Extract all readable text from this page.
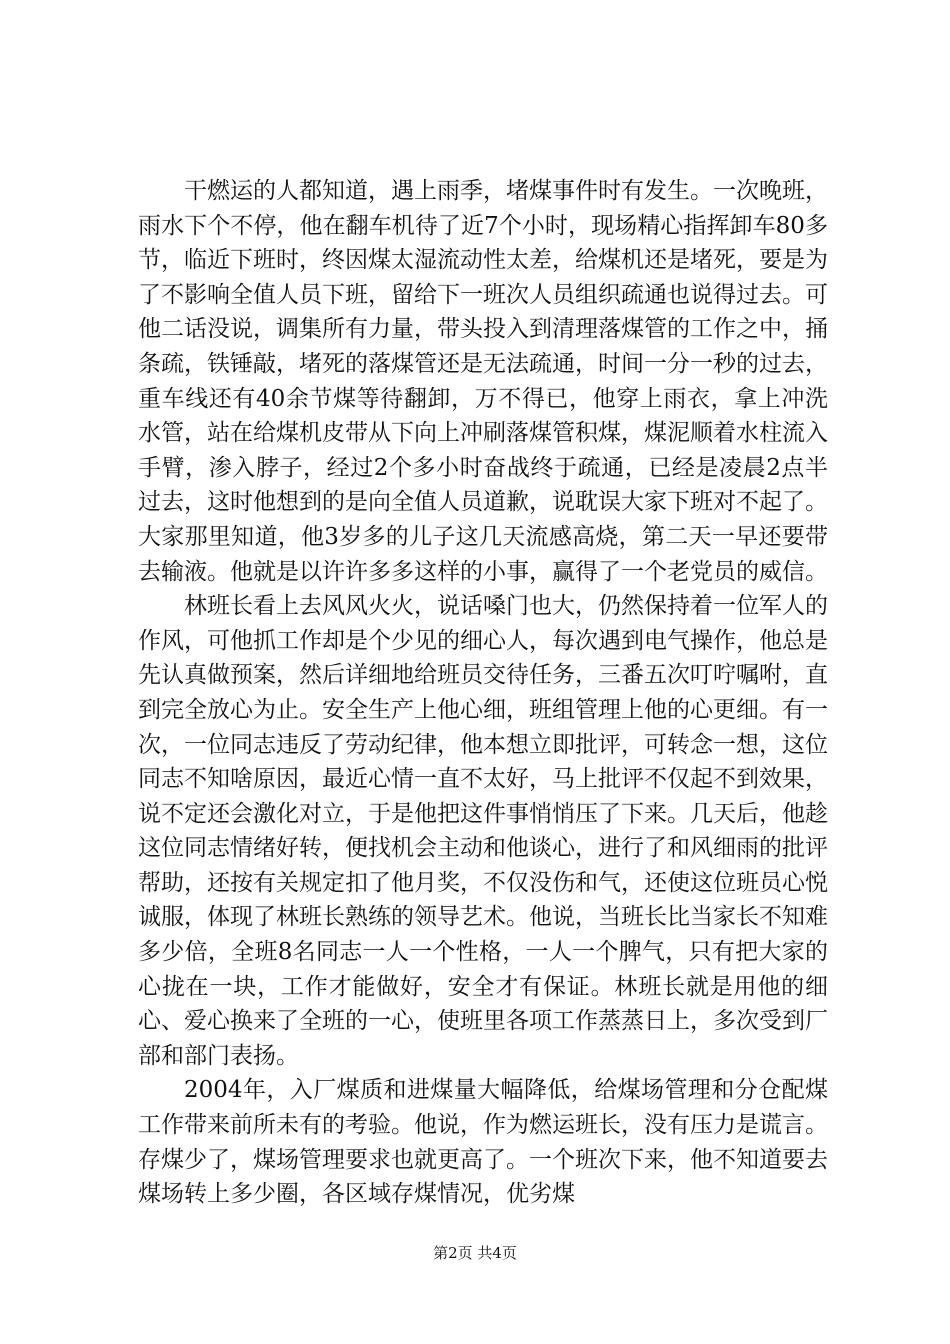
干燃运的人都知道，遇上雨季，堵煤事件时有发生。一次晚班，雨水下个不停，他在翻车机待了近7个小时，现场精心指挥卸车80多节，临近下班时，终因煤太湿流动性太差，给煤机还是堵死，要是为了不影响全值人员下班，留给下一班次人员组织疏通也说得过去。可他二话没说，调集所有力量，带头投入到清理落煤管的工作之中，捅条疏，铁锤敲，堵死的落煤管还是无法疏通，时间一分一秒的过去，重车线还有40余节煤等待翻卸，万不得已，他穿上雨衣，拿上冲洗水管，站在给煤机皮带从下向上冲刷落煤管积煤，煤泥顺着水柱流入手臂，渗入脖子，经过2个多小时奋战终于疏通，已经是凌晨2点半过去，这时他想到的是向全值人员道歉，说耽误大家下班对不起了。大家那里知道，他3岁多的儿子这几天流感高烧，第二天一早还要带去输液。他就是以许许多多这样的小事，赢得了一个老党员的威信。

林班长看上去风风火火，说话嗓门也大，仍然保持着一位军人的作风，可他抓工作却是个少见的细心人，每次遇到电气操作，他总是先认真做预案，然后详细地给班员交待任务，三番五次叮咛嘱咐，直到完全放心为止。安全生产上他心细，班组管理上他的心更细。有一次，一位同志违反了劳动纪律，他本想立即批评，可转念一想，这位同志不知啥原因，最近心情一直不太好，马上批评不仅起不到效果，说不定还会激化对立，于是他把这件事悄悄压了下来。几天后，他趁这位同志情绪好转，便找机会主动和他谈心，进行了和风细雨的批评帮助，还按有关规定扣了他月奖，不仅没伤和气，还使这位班员心悦诚服，体现了林班长熟练的领导艺术。他说，当班长比当家长不知难多少倍，全班8名同志一人一个性格，一人一个脾气，只有把大家的心拢在一块，工作才能做好，安全才有保证。林班长就是用他的细心、爱心换来了全班的一心，使班里各项工作蒸蒸日上，多次受到厂部和部门表扬。

2004年，入厂煤质和进煤量大幅降低，给煤场管理和分仓配煤工作带来前所未有的考验。他说，作为燃运班长，没有压力是谎言。存煤少了，煤场管理要求也就更高了。一个班次下来，他不知道要去煤场转上多少圈，各区域存煤情况，优劣煤

第2页 共4页
